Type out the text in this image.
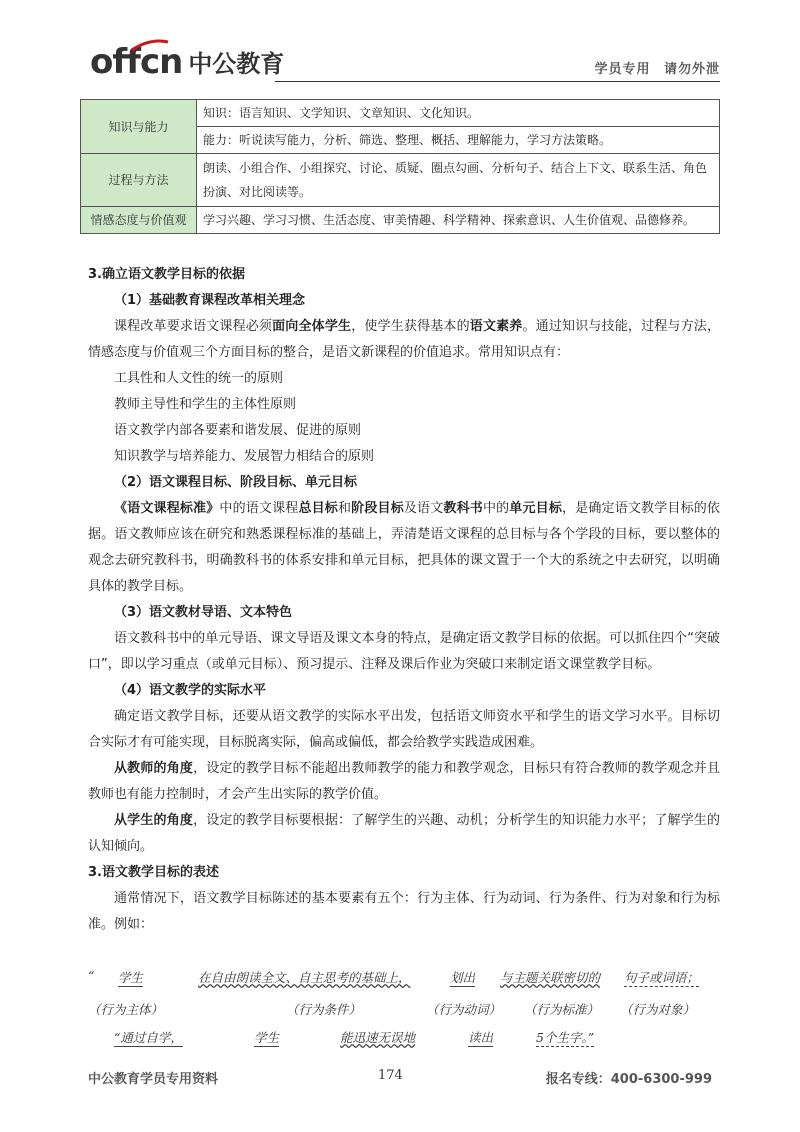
offcn 中公教育	学员专用 请勿外泄
知识与能力	知识：语言知识、文学知识、文章知识、文化知识。
	能力：听说读写能力，分析、筛选、整理、概括、理解能力，学习方法策略。
过程与方法	朗读、小组合作、小组探究、讨论、质疑、圈点勾画、分析句子、结合上下文、联系生活、角色扮演、对比阅读等。
情感态度与价值观	学习兴趣、学习习惯、生活态度、审美情趣、科学精神、探索意识、人生价值观、品德修养。

3.确立语文教学目标的依据

（1）基础教育课程改革相关理念

课程改革要求语文课程必须面向全体学生，使学生获得基本的语文素养。通过知识与技能，过程与方法，情感态度与价值观三个方面目标的整合，是语文新课程的价值追求。常用知识点有：

工具性和人文性的统一的原则

教师主导性和学生的主体性原则

语文教学内部各要素和谐发展、促进的原则

知识教学与培养能力、发展智力相结合的原则

（2）语文课程目标、阶段目标、单元目标

《语文课程标准》中的语文课程总目标和阶段目标及语文教科书中的单元目标，是确定语文教学目标的依据。语文教师应该在研究和熟悉课程标准的基础上，弄清楚语文课程的总目标与各个学段的目标，要以整体的观念去研究教科书，明确教科书的体系安排和单元目标，把具体的课文置于一个大的系统之中去研究，以明确具体的教学目标。

（3）语文教材导语、文本特色

语文教科书中的单元导语、课文导语及课文本身的特点，是确定语文教学目标的依据。可以抓住四个“突破口”，即以学习重点（或单元目标）、预习提示、注释及课后作业为突破口来制定语文课堂教学目标。

（4）语文教学的实际水平

确定语文教学目标，还要从语文教学的实际水平出发，包括语文师资水平和学生的语文学习水平。目标切合实际才有可能实现，目标脱离实际，偏高或偏低，都会给教学实践造成困难。

从教师的角度，设定的教学目标不能超出教师教学的能力和教学观念，目标只有符合教师的教学观念并且教师也有能力控制时，才会产生出实际的教学价值。

从学生的角度，设定的教学目标要根据：了解学生的兴趣、动机；分析学生的知识能力水平；了解学生的认知倾向。

3.语文教学目标的表述

通常情况下，语文教学目标陈述的基本要素有五个：行为主体、行为动词、行为条件、行为对象和行为标准。例如：

“ 学生	在自由朗读全文、自主思考的基础上，	划出 与主题关联密切的 句子或词语；
（行为主体）	（行为条件）	（行为动词） （行为标准） （行为对象）
“通过自学，	学生	能迅速无误地	读出	5个生字。”
中公教育学员专用资料	174	报名专线：400-6300-999
